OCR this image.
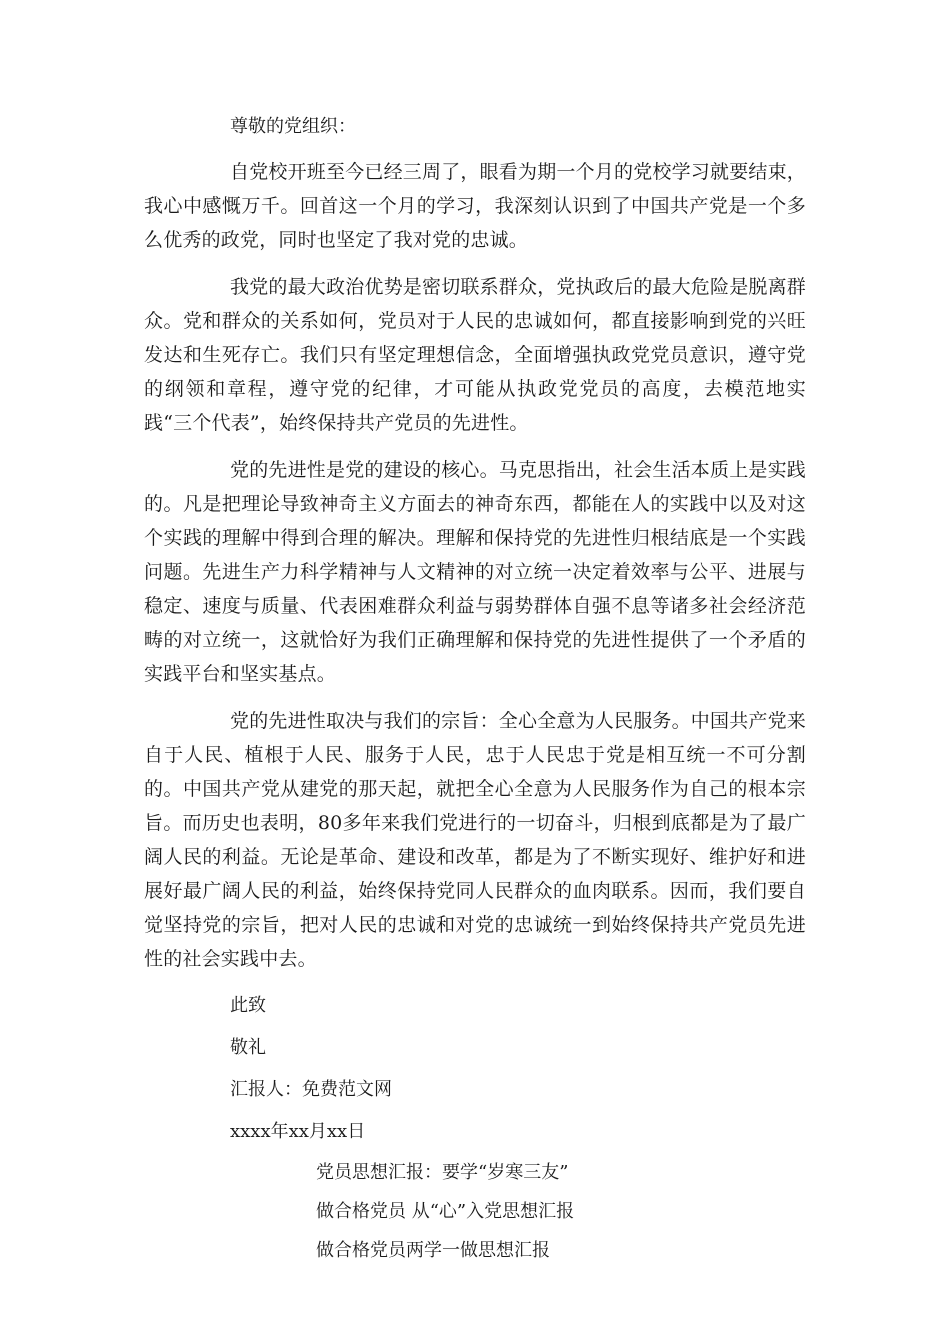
尊敬的党组织：

自党校开班至今已经三周了，眼看为期一个月的党校学习就要结束，我心中感慨万千。回首这一个月的学习，我深刻认识到了中国共产党是一个多么优秀的政党，同时也坚定了我对党的忠诚。

我党的最大政治优势是密切联系群众，党执政后的最大危险是脱离群众。党和群众的关系如何，党员对于人民的忠诚如何，都直接影响到党的兴旺发达和生死存亡。我们只有坚定理想信念，全面增强执政党党员意识，遵守党的纲领和章程，遵守党的纪律，才可能从执政党党员的高度，去模范地实践“三个代表”，始终保持共产党员的先进性。

党的先进性是党的建设的核心。马克思指出，社会生活本质上是实践的。凡是把理论导致神奇主义方面去的神奇东西，都能在人的实践中以及对这个实践的理解中得到合理的解决。理解和保持党的先进性归根结底是一个实践问题。先进生产力科学精神与人文精神的对立统一决定着效率与公平、进展与稳定、速度与质量、代表困难群众利益与弱势群体自强不息等诸多社会经济范畴的对立统一，这就恰好为我们正确理解和保持党的先进性提供了一个矛盾的实践平台和坚实基点。

党的先进性取决与我们的宗旨：全心全意为人民服务。中国共产党来自于人民、植根于人民、服务于人民，忠于人民忠于党是相互统一不可分割的。中国共产党从建党的那天起，就把全心全意为人民服务作为自己的根本宗旨。而历史也表明，80多年来我们党进行的一切奋斗，归根到底都是为了最广阔人民的利益。无论是革命、建设和改革，都是为了不断实现好、维护好和进展好最广阔人民的利益，始终保持党同人民群众的血肉联系。因而，我们要自觉坚持党的宗旨，把对人民的忠诚和对党的忠诚统一到始终保持共产党员先进性的社会实践中去。

此致

敬礼

汇报人：免费范文网

xxxx年xx月xx日

党员思想汇报：要学“岁寒三友”

做合格党员 从“心”入党思想汇报

做合格党员两学一做思想汇报
